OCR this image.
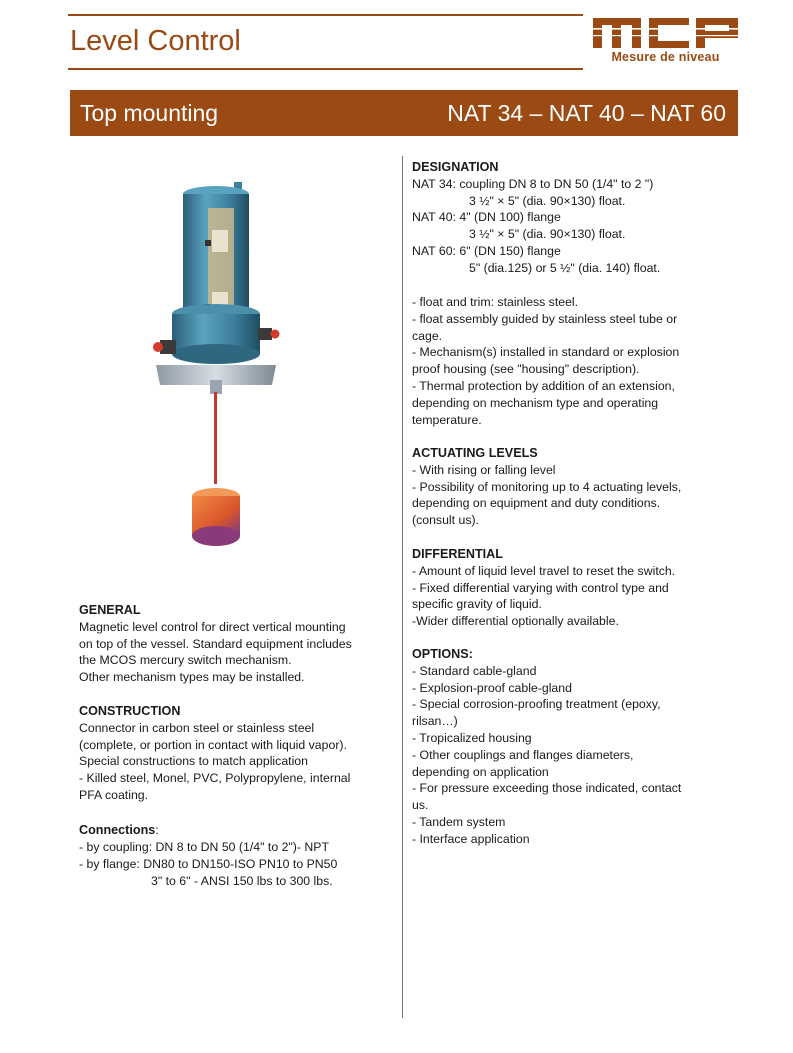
Level Control	Mesure de niveau
Top mounting	NAT 34 – NAT 40 – NAT 60
GENERAL
Magnetic level control for direct vertical mounting
on top of the vessel. Standard equipment includes
the MCOS mercury switch mechanism.
Other mechanism types may be installed.
CONSTRUCTION
Connector in carbon steel or stainless steel
(complete, or portion in contact with liquid vapor).
Special constructions to match application
- Killed steel, Monel, PVC, Polypropylene, internal
PFA coating.
Connections:
- by coupling: DN 8 to DN 50 (1/4" to 2")- NPT
- by flange: DN80 to DN150-ISO PN10 to PN50
3" to 6" - ANSI 150 lbs to 300 lbs.
DESIGNATION
NAT 34: coupling DN 8 to DN 50 (1/4" to 2 ")
3 ½" × 5" (dia. 90×130) float.
NAT 40: 4" (DN 100) flange
3 ½" × 5" (dia. 90×130) float.
NAT 60: 6" (DN 150) flange
5" (dia.125) or 5 ½" (dia. 140) float.
- float and trim: stainless steel.
- float assembly guided by stainless steel tube or
cage.
- Mechanism(s) installed in standard or explosion
proof housing (see "housing" description).
- Thermal protection by addition of an extension,
depending on mechanism type and operating
temperature.
ACTUATING LEVELS
- With rising or falling level
- Possibility of monitoring up to 4 actuating levels,
depending on equipment and duty conditions.
(consult us).
DIFFERENTIAL
- Amount of liquid level travel to reset the switch.
- Fixed differential varying with control type and
specific gravity of liquid.
-Wider differential optionally available.
OPTIONS:
- Standard cable-gland
- Explosion-proof cable-gland
- Special corrosion-proofing treatment (epoxy,
rilsan…)
- Tropicalized housing
- Other couplings and flanges diameters,
depending on application
- For pressure exceeding those indicated, contact
us.
- Tandem system
- Interface application
